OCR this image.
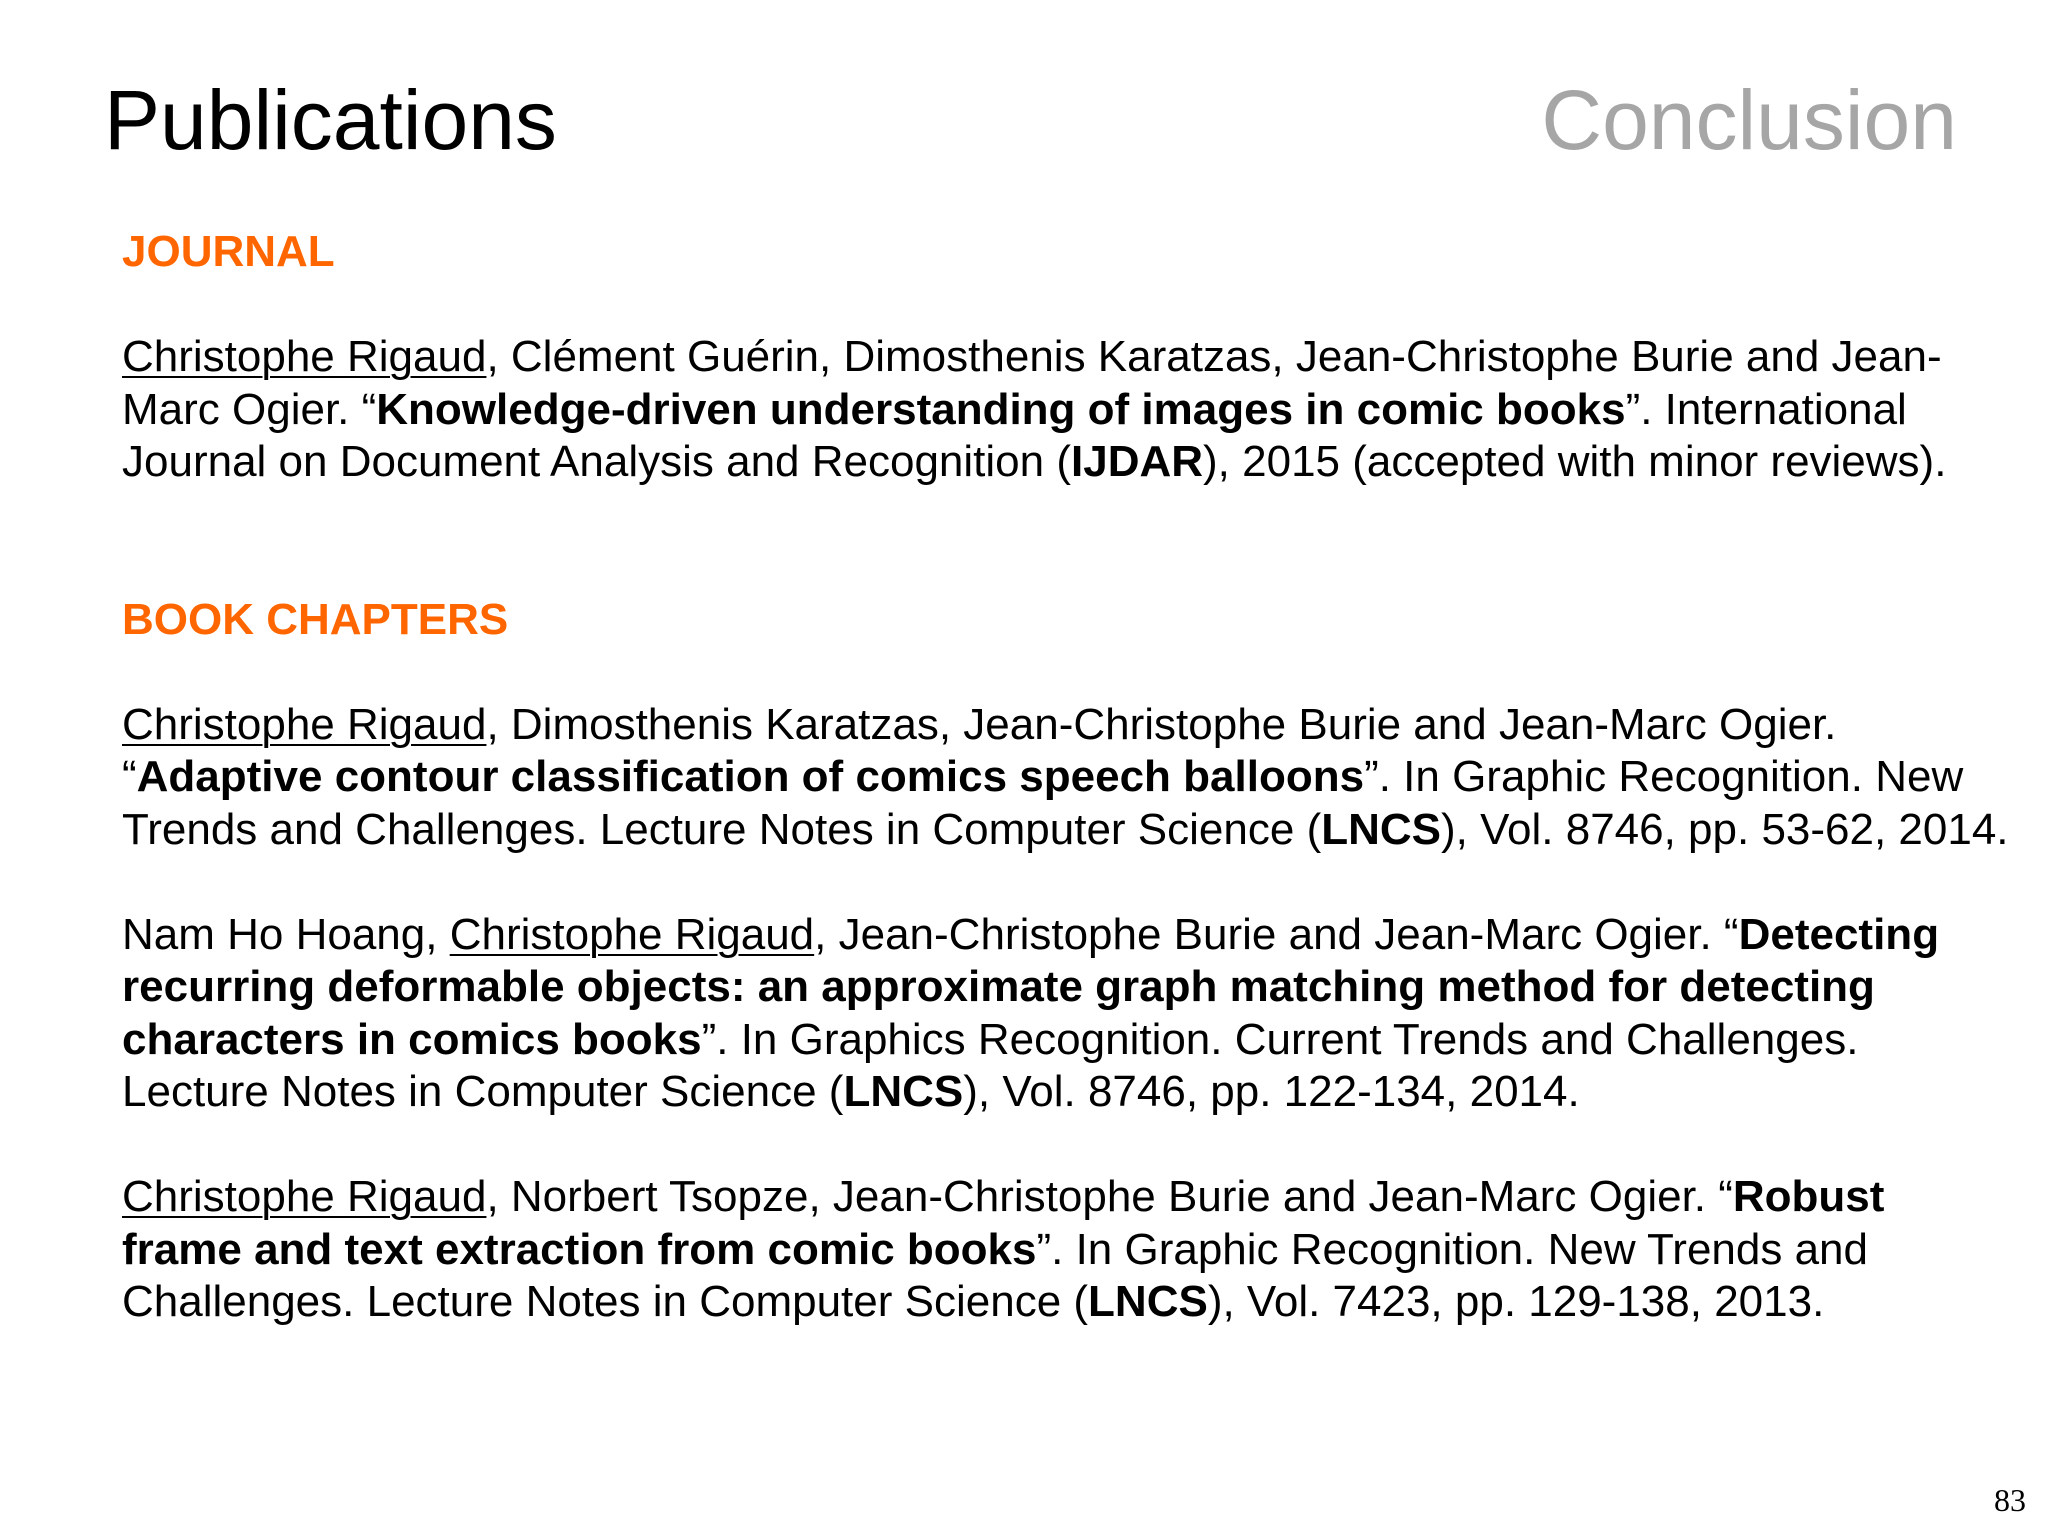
Publications	Conclusion

JOURNAL

Christophe Rigaud, Clément Guérin, Dimosthenis Karatzas, Jean-Christophe Burie and Jean-Marc Ogier. “Knowledge-driven understanding of images in comic books”. International Journal on Document Analysis and Recognition (IJDAR), 2015 (accepted with minor reviews).

BOOK CHAPTERS

Christophe Rigaud, Dimosthenis Karatzas, Jean-Christophe Burie and Jean-Marc Ogier. “Adaptive contour classification of comics speech balloons”. In Graphic Recognition. New Trends and Challenges. Lecture Notes in Computer Science (LNCS), Vol. 8746, pp. 53-62, 2014.

Nam Ho Hoang, Christophe Rigaud, Jean-Christophe Burie and Jean-Marc Ogier. “Detecting recurring deformable objects: an approximate graph matching method for detecting characters in comics books”. In Graphics Recognition. Current Trends and Challenges. Lecture Notes in Computer Science (LNCS), Vol. 8746, pp. 122-134, 2014.

Christophe Rigaud, Norbert Tsopze, Jean-Christophe Burie and Jean-Marc Ogier. “Robust frame and text extraction from comic books”. In Graphic Recognition. New Trends and Challenges. Lecture Notes in Computer Science (LNCS), Vol. 7423, pp. 129-138, 2013.

83
